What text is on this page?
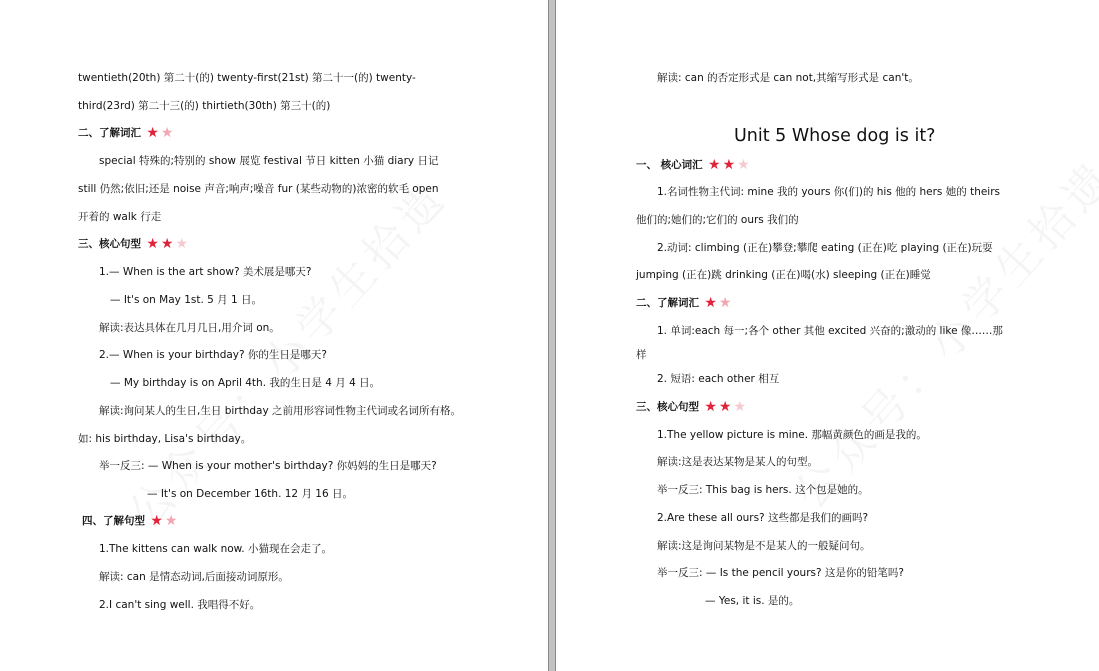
twentieth(20th) 第二十(的) twenty-first(21st) 第二十一(的) twenty-
third(23rd) 第二十三(的) thirtieth(30th) 第三十(的)
二、了解词汇 ★ ★
special 特殊的;特别的 show 展览 festival 节日 kitten 小猫 diary 日记
still 仍然;依旧;还是 noise 声音;响声;噪音 fur (某些动物的)浓密的软毛 open
开着的 walk 行走
三、核心句型 ★ ★ ★
1.— When is the art show? 美术展是哪天?
— It's on May 1st. 5 月 1 日。
解读:表达具体在几月几日,用介词 on。
2.— When is your birthday? 你的生日是哪天?
— My birthday is on April 4th. 我的生日是 4 月 4 日。
解读:询问某人的生日,生日 birthday 之前用形容词性物主代词或名词所有格。
如: his birthday, Lisa's birthday。
举一反三: — When is your mother's birthday? 你妈妈的生日是哪天?
— It's on December 16th. 12 月 16 日。
四、了解句型 ★ ★
1.The kittens can walk now. 小猫现在会走了。
解读: can 是情态动词,后面接动词原形。
2.I can't sing well. 我唱得不好。
解读: can 的否定形式是 can not,其缩写形式是 can't。
Unit 5 Whose dog is it?
一、 核心词汇 ★ ★ ★
1.名词性物主代词: mine 我的 yours 你(们)的 his 他的 hers 她的 theirs
他们的;她们的;它们的 ours 我们的
2.动词: climbing (正在)攀登;攀爬 eating (正在)吃 playing (正在)玩耍
jumping (正在)跳 drinking (正在)喝(水) sleeping (正在)睡觉
二、了解词汇 ★ ★
1. 单词:each 每一;各个 other 其他 excited 兴奋的;激动的 like 像……那
样
2. 短语: each other 相互
三、核心句型 ★ ★ ★
1.The yellow picture is mine. 那幅黄颜色的画是我的。
解读:这是表达某物是某人的句型。
举一反三: This bag is hers. 这个包是她的。
2.Are these all ours? 这些都是我们的画吗?
解读:这是询问某物是不是某人的一般疑问句。
举一反三: — Is the pencil yours? 这是你的铅笔吗?
— Yes, it is. 是的。
